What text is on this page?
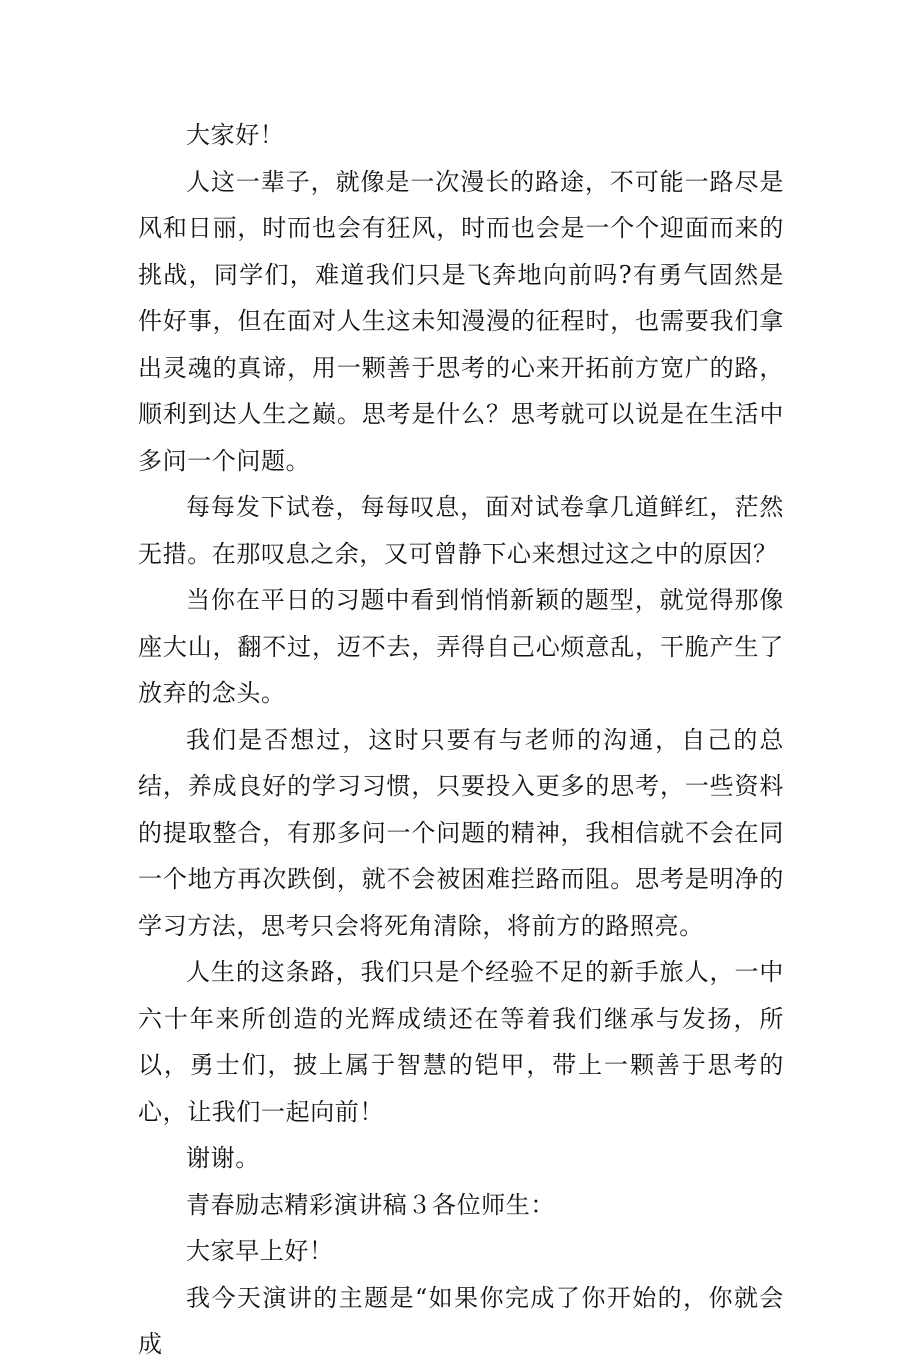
大家好！

人这一辈子，就像是一次漫长的路途，不可能一路尽是风和日丽，时而也会有狂风，时而也会是一个个迎面而来的挑战，同学们，难道我们只是飞奔地向前吗?有勇气固然是件好事，但在面对人生这未知漫漫的征程时，也需要我们拿出灵魂的真谛，用一颗善于思考的心来开拓前方宽广的路，顺利到达人生之巅。思考是什么？思考就可以说是在生活中多问一个问题。

每每发下试卷，每每叹息，面对试卷拿几道鲜红，茫然无措。在那叹息之余，又可曾静下心来想过这之中的原因？

当你在平日的习题中看到悄悄新颖的题型，就觉得那像座大山，翻不过，迈不去，弄得自己心烦意乱，干脆产生了放弃的念头。

我们是否想过，这时只要有与老师的沟通，自己的总结，养成良好的学习习惯，只要投入更多的思考，一些资料的提取整合，有那多问一个问题的精神，我相信就不会在同一个地方再次跌倒，就不会被困难拦路而阻。思考是明净的学习方法，思考只会将死角清除，将前方的路照亮。

人生的这条路，我们只是个经验不足的新手旅人，一中六十年来所创造的光辉成绩还在等着我们继承与发扬，所以，勇士们，披上属于智慧的铠甲，带上一颗善于思考的心，让我们一起向前！

谢谢。

青春励志精彩演讲稿３各位师生：

大家早上好！

我今天演讲的主题是“如果你完成了你开始的，你就会成
